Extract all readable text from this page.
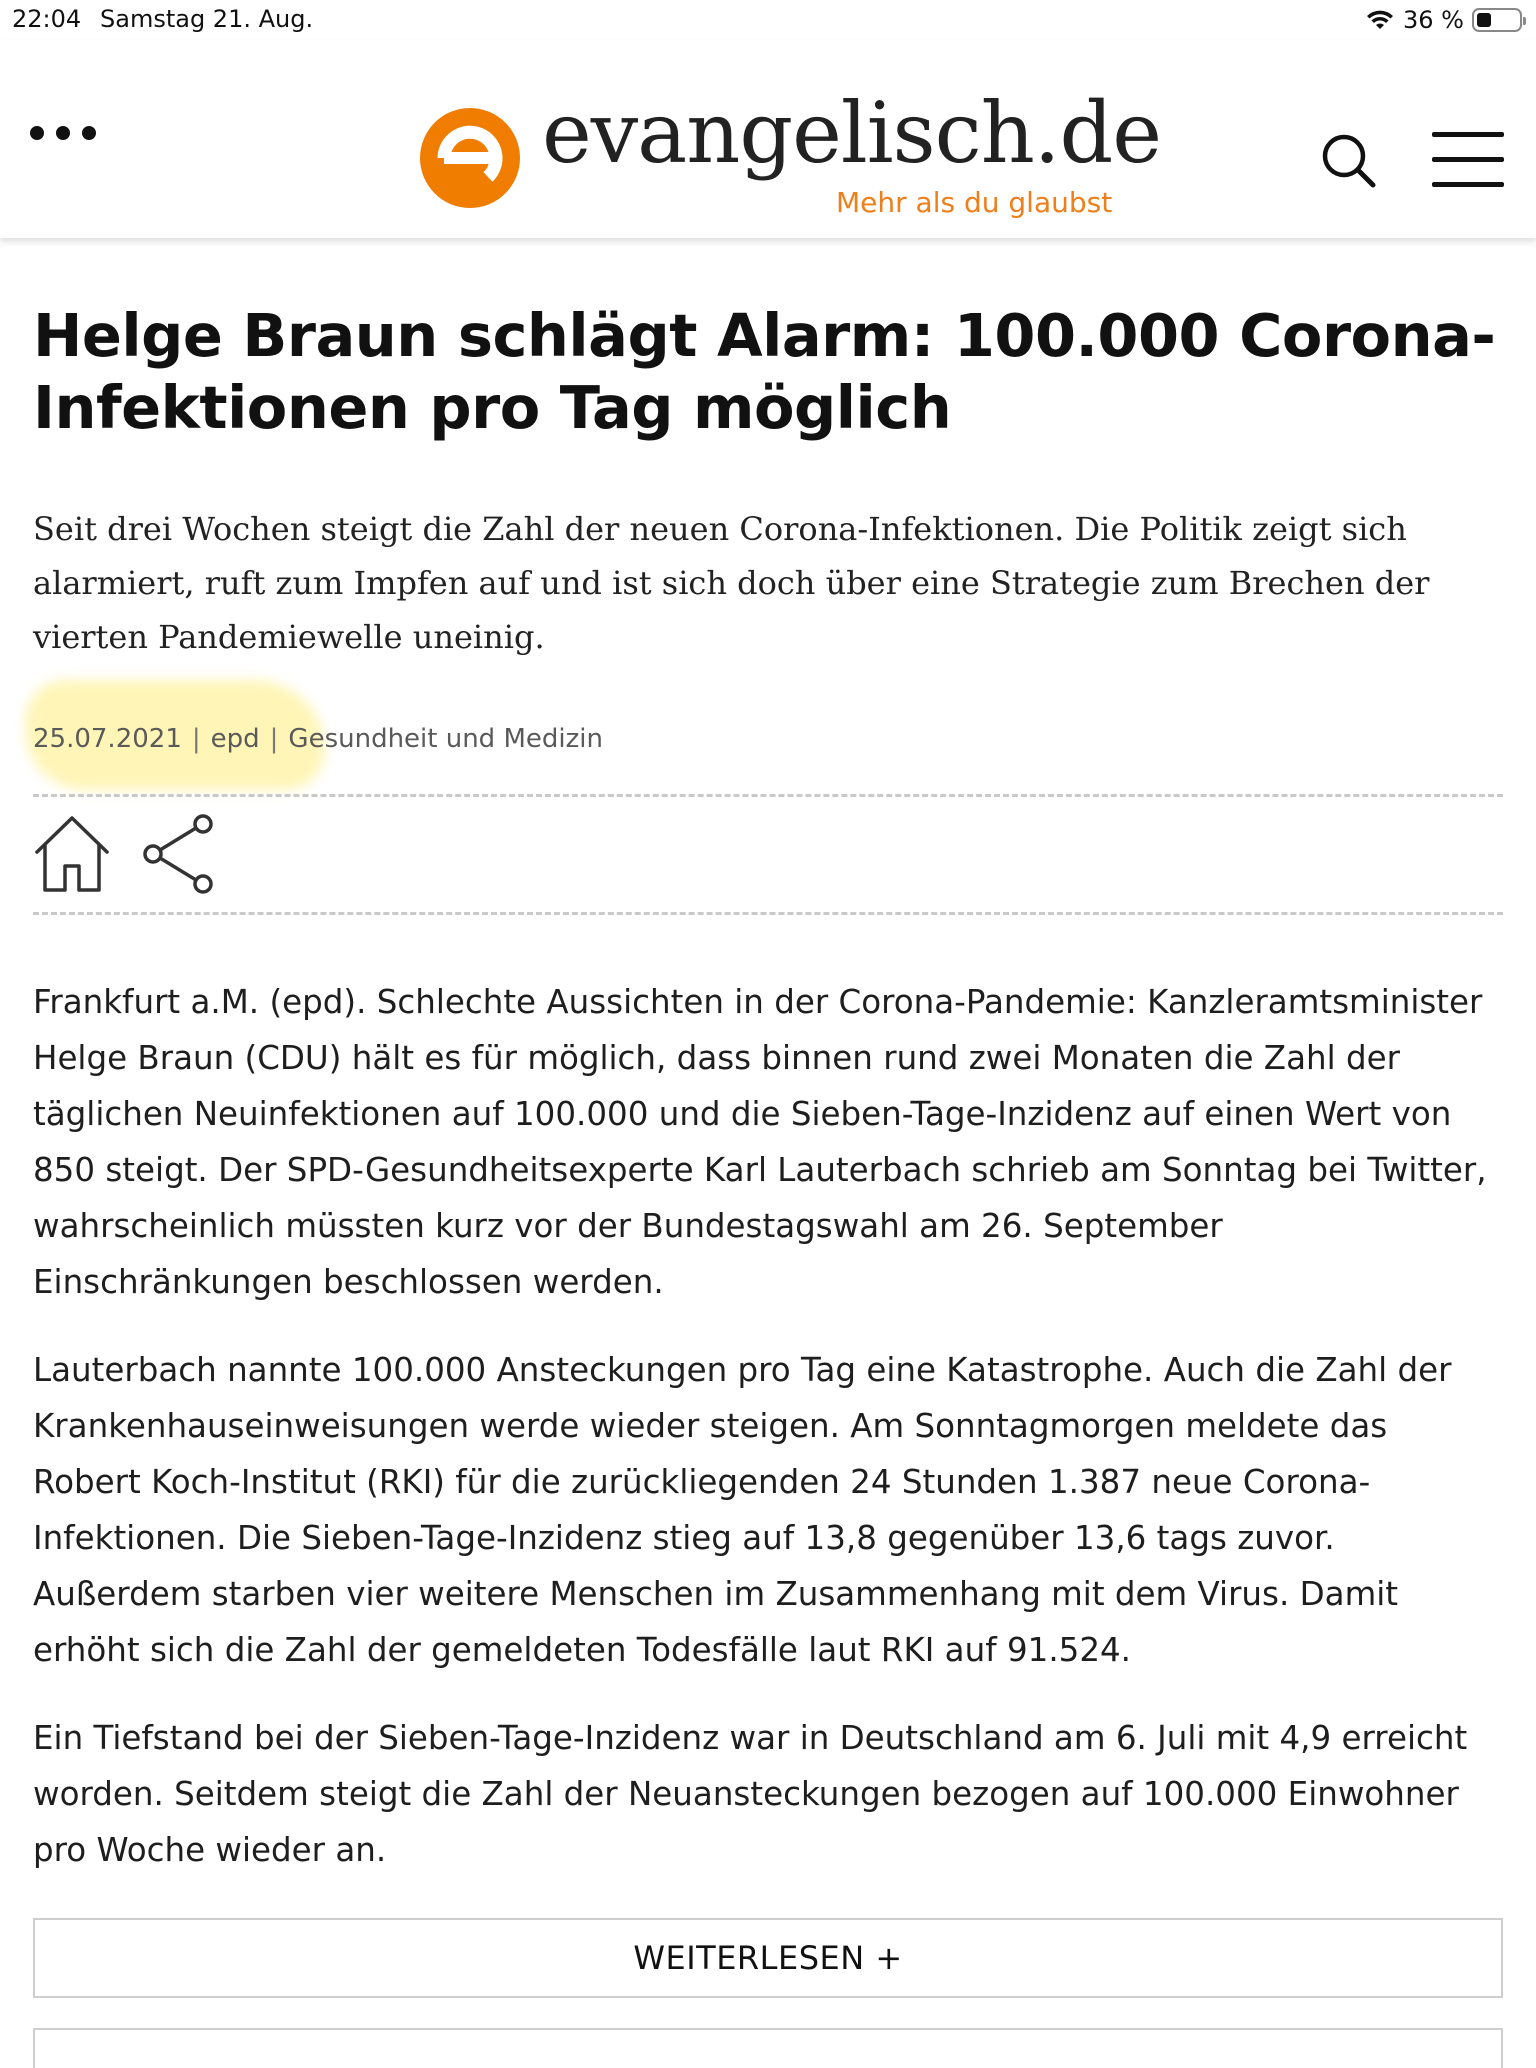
22:04 Samstag 21. Aug.	36 %
evangelisch.de
Mehr als du glaubst
Helge Braun schlägt Alarm: 100.000 Corona-Infektionen pro Tag möglich

Seit drei Wochen steigt die Zahl der neuen Corona-Infektionen. Die Politik zeigt sich alarmiert, ruft zum Impfen auf und ist sich doch über eine Strategie zum Brechen der vierten Pandemiewelle uneinig.

25.07.2021 | epd | Gesundheit und Medizin

Frankfurt a.M. (epd). Schlechte Aussichten in der Corona-Pandemie: Kanzleramtsminister Helge Braun (CDU) hält es für möglich, dass binnen rund zwei Monaten die Zahl der täglichen Neuinfektionen auf 100.000 und die Sieben-Tage-Inzidenz auf einen Wert von 850 steigt. Der SPD-Gesundheitsexperte Karl Lauterbach schrieb am Sonntag bei Twitter, wahrscheinlich müssten kurz vor der Bundestagswahl am 26. September Einschränkungen beschlossen werden.

Lauterbach nannte 100.000 Ansteckungen pro Tag eine Katastrophe. Auch die Zahl der Krankenhauseinweisungen werde wieder steigen. Am Sonntagmorgen meldete das Robert Koch-Institut (RKI) für die zurückliegenden 24 Stunden 1.387 neue Corona-Infektionen. Die Sieben-Tage-Inzidenz stieg auf 13,8 gegenüber 13,6 tags zuvor. Außerdem starben vier weitere Menschen im Zusammenhang mit dem Virus. Damit erhöht sich die Zahl der gemeldeten Todesfälle laut RKI auf 91.524.

Ein Tiefstand bei der Sieben-Tage-Inzidenz war in Deutschland am 6. Juli mit 4,9 erreicht worden. Seitdem steigt die Zahl der Neuansteckungen bezogen auf 100.000 Einwohner pro Woche wieder an.

WEITERLESEN +
